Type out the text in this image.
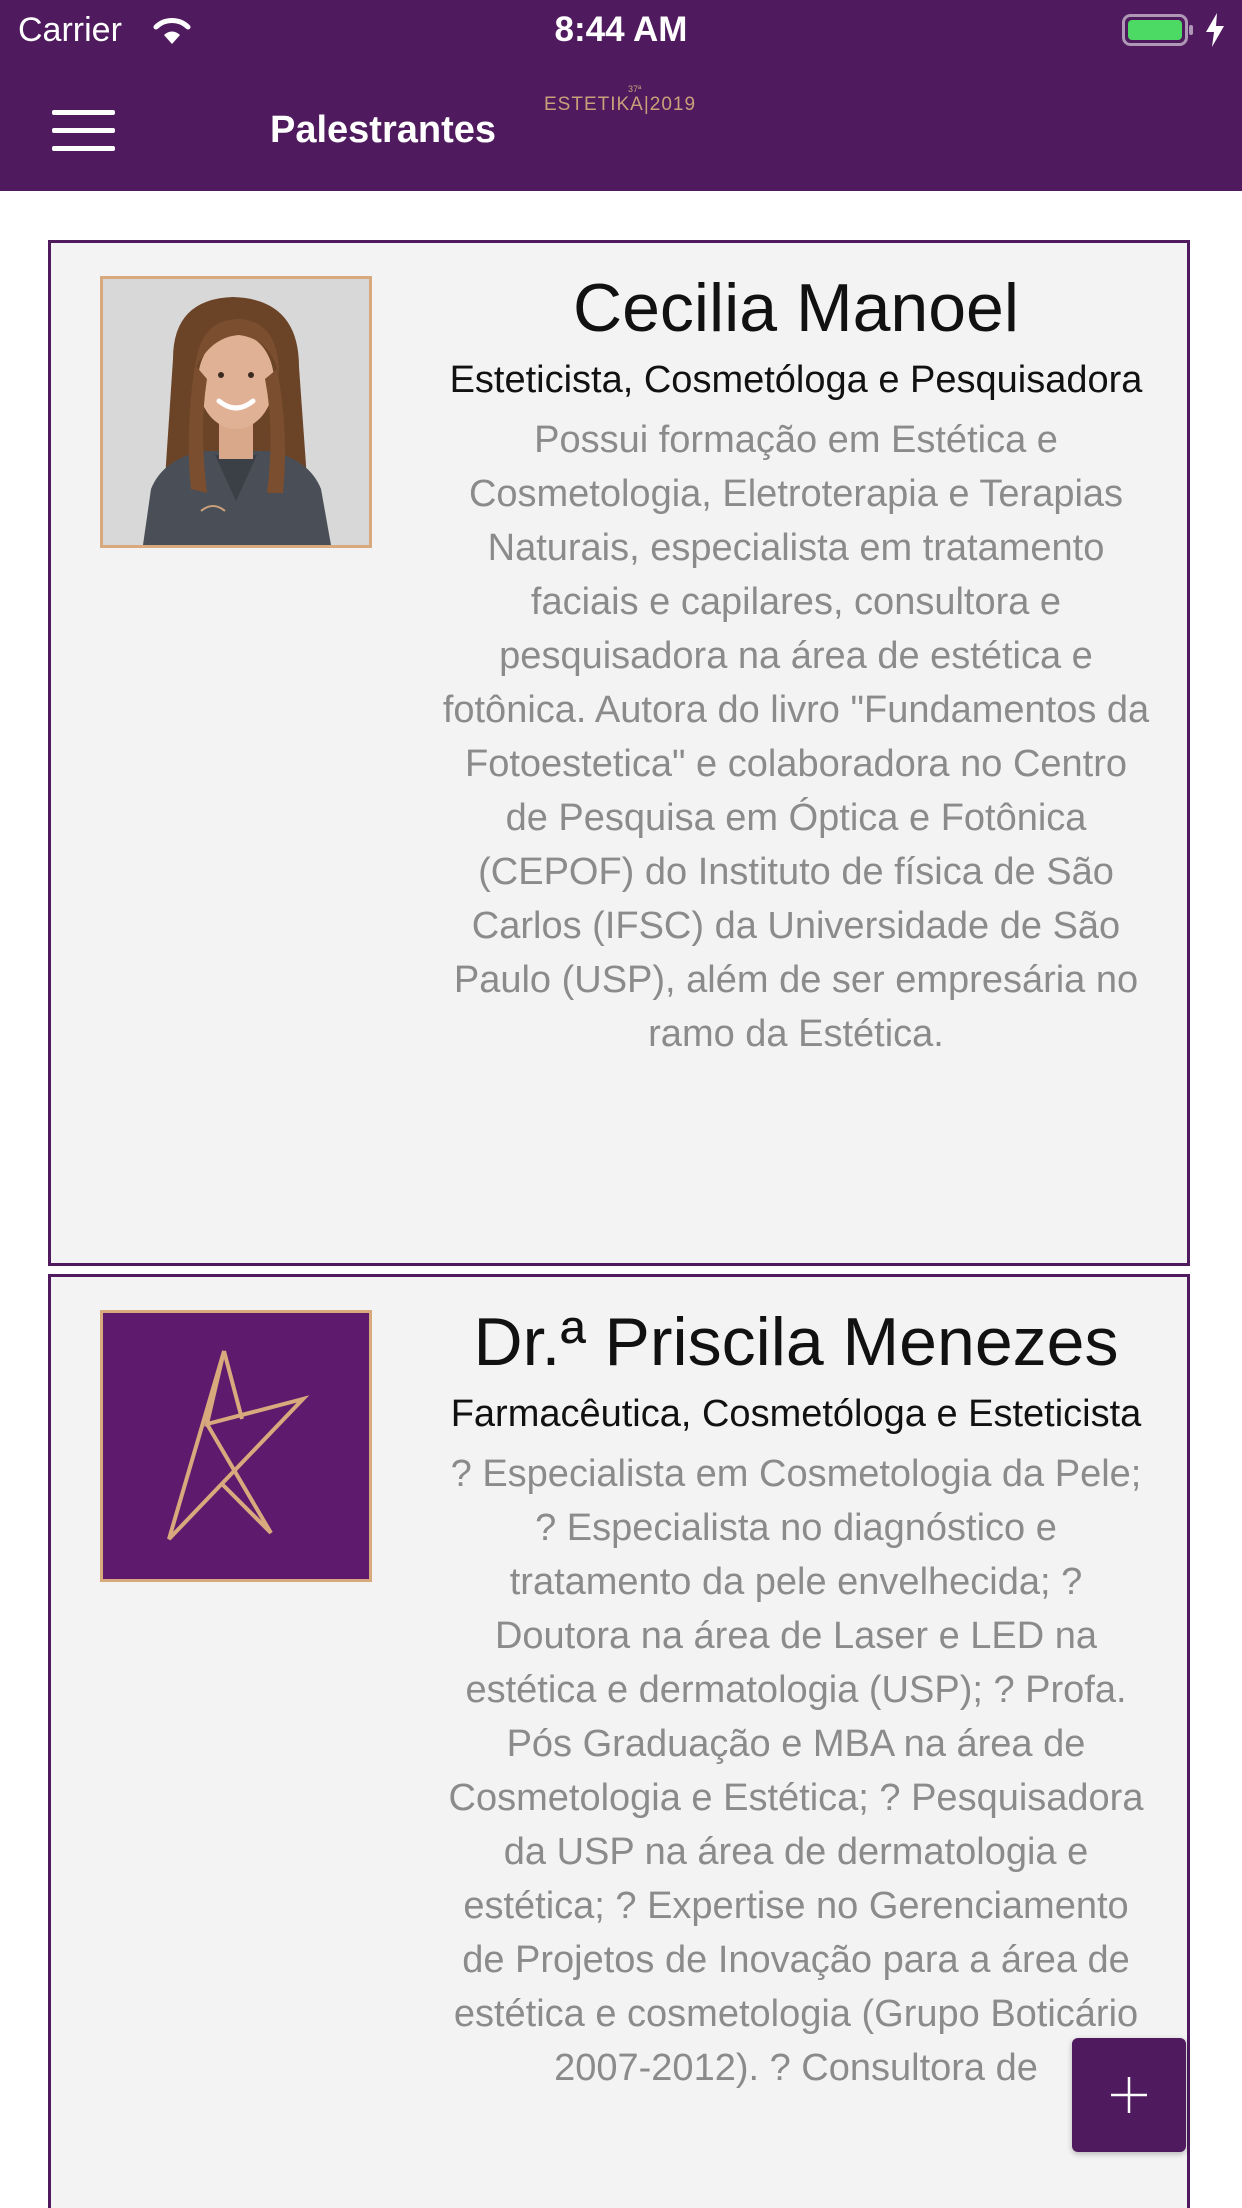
Carrier	8:44 AM
Palestrantes
37ª
ESTETIKA|2019

Cecilia Manoel

Esteticista, Cosmetóloga e Pesquisadora

Possui formação em Estética e Cosmetologia, Eletroterapia e Terapias Naturais, especialista em tratamento faciais e capilares, consultora e pesquisadora na área de estética e fotônica. Autora do livro "Fundamentos da Fotoestetica" e colaboradora no Centro de Pesquisa em Óptica e Fotônica (CEPOF) do Instituto de física de São Carlos (IFSC) da Universidade de São Paulo (USP), além de ser empresária no ramo da Estética.

Dr.ª Priscila Menezes

Farmacêutica, Cosmetóloga e Esteticista

? Especialista em Cosmetologia da Pele; ? Especialista no diagnóstico e tratamento da pele envelhecida; ? Doutora na área de Laser e LED na estética e dermatologia (USP); ? Profa. Pós Graduação e MBA na área de Cosmetologia e Estética; ? Pesquisadora da USP na área de dermatologia e estética; ? Expertise no Gerenciamento de Projetos de Inovação para a área de estética e cosmetologia (Grupo Boticário 2007-2012). ? Consultora de
